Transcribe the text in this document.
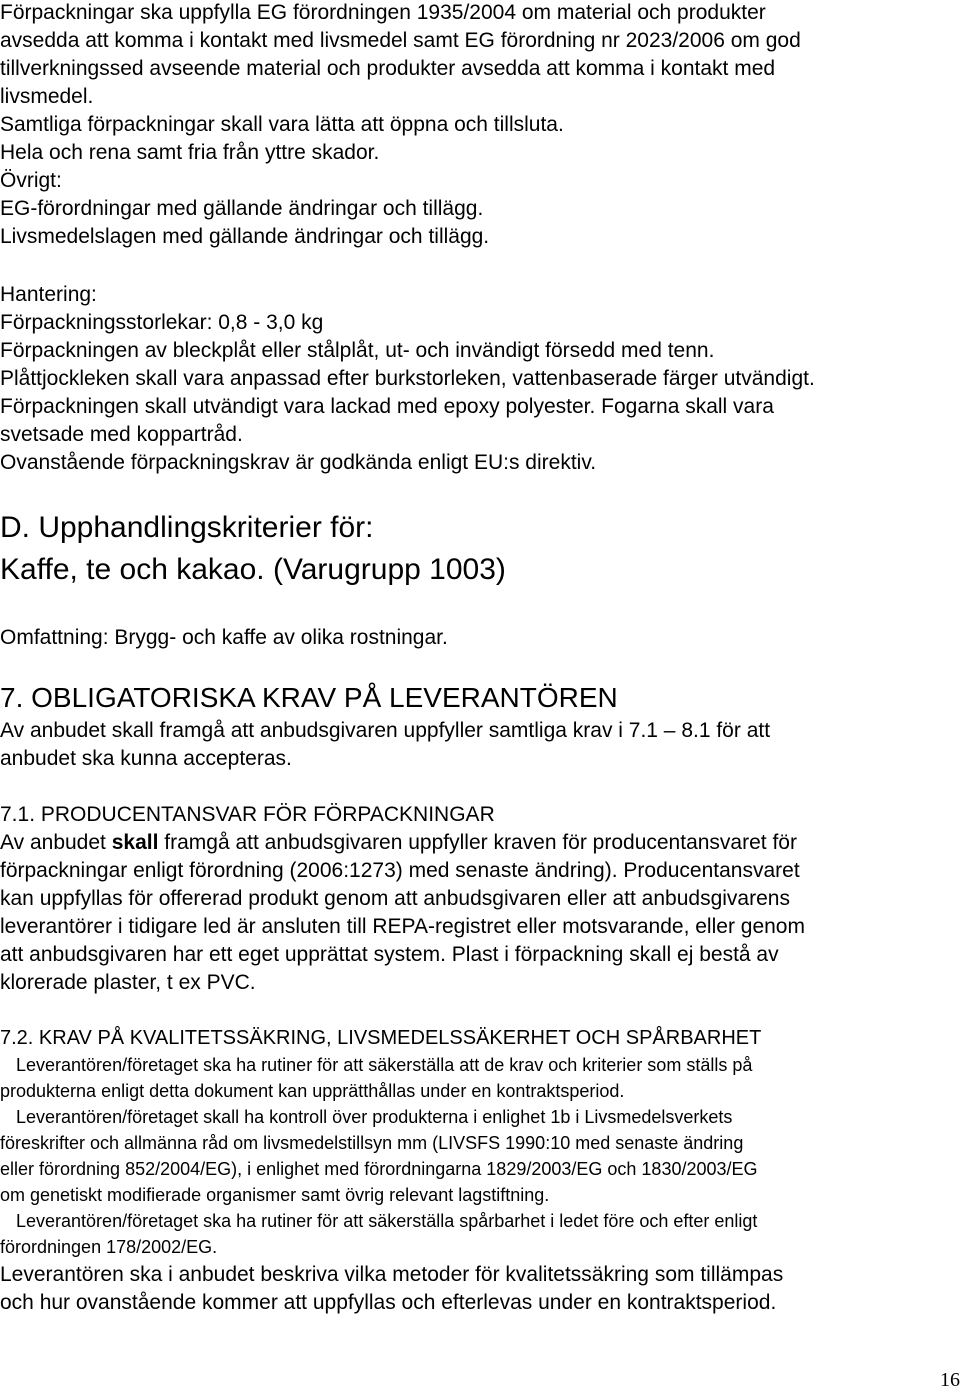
Förpackningar ska uppfylla EG förordningen 1935/2004 om material och produkter
avsedda att komma i kontakt med livsmedel samt EG förordning nr 2023/2006 om god
tillverkningssed avseende material och produkter avsedda att komma i kontakt med
livsmedel.
Samtliga förpackningar skall vara lätta att öppna och tillsluta.
Hela och rena samt fria från yttre skador.
Övrigt:
EG-förordningar med gällande ändringar och tillägg.
Livsmedelslagen med gällande ändringar och tillägg.
Hantering:
Förpackningsstorlekar: 0,8 - 3,0 kg
Förpackningen av bleckplåt eller stålplåt, ut- och invändigt försedd med tenn.
Plåttjockleken skall vara anpassad efter burkstorleken, vattenbaserade färger utvändigt.
Förpackningen skall utvändigt vara lackad med epoxy polyester. Fogarna skall vara
svetsade med koppartråd.
Ovanstående förpackningskrav är godkända enligt EU:s direktiv.
D. Upphandlingskriterier för:
Kaffe, te och kakao. (Varugrupp 1003)
Omfattning: Brygg- och kaffe av olika rostningar.
7. OBLIGATORISKA KRAV PÅ LEVERANTÖREN
Av anbudet skall framgå att anbudsgivaren uppfyller samtliga krav i 7.1 – 8.1 för att
anbudet ska kunna accepteras.
7.1. PRODUCENTANSVAR FÖR FÖRPACKNINGAR
Av anbudet skall framgå att anbudsgivaren uppfyller kraven för producentansvaret för
förpackningar enligt förordning (2006:1273) med senaste ändring). Producentansvaret
kan uppfyllas för offererad produkt genom att anbudsgivaren eller att anbudsgivarens
leverantörer i tidigare led är ansluten till REPA-registret eller motsvarande, eller genom
att anbudsgivaren har ett eget upprättat system. Plast i förpackning skall ej bestå av
klorerade plaster, t ex PVC.
7.2. KRAV PÅ KVALITETSSÄKRING, LIVSMEDELSSÄKERHET OCH SPÅRBARHET
Leverantören/företaget ska ha rutiner för att säkerställa att de krav och kriterier som ställs på
produkterna enligt detta dokument kan upprätthållas under en kontraktsperiod.
Leverantören/företaget skall ha kontroll över produkterna i enlighet 1b i Livsmedelsverkets
föreskrifter och allmänna råd om livsmedelstillsyn mm (LIVSFS 1990:10 med senaste ändring
eller förordning 852/2004/EG), i enlighet med förordningarna 1829/2003/EG och 1830/2003/EG
om genetiskt modifierade organismer samt övrig relevant lagstiftning.
Leverantören/företaget ska ha rutiner för att säkerställa spårbarhet i ledet före och efter enligt
förordningen 178/2002/EG.
Leverantören ska i anbudet beskriva vilka metoder för kvalitetssäkring som tillämpas
och hur ovanstående kommer att uppfyllas och efterlevas under en kontraktsperiod.
16
